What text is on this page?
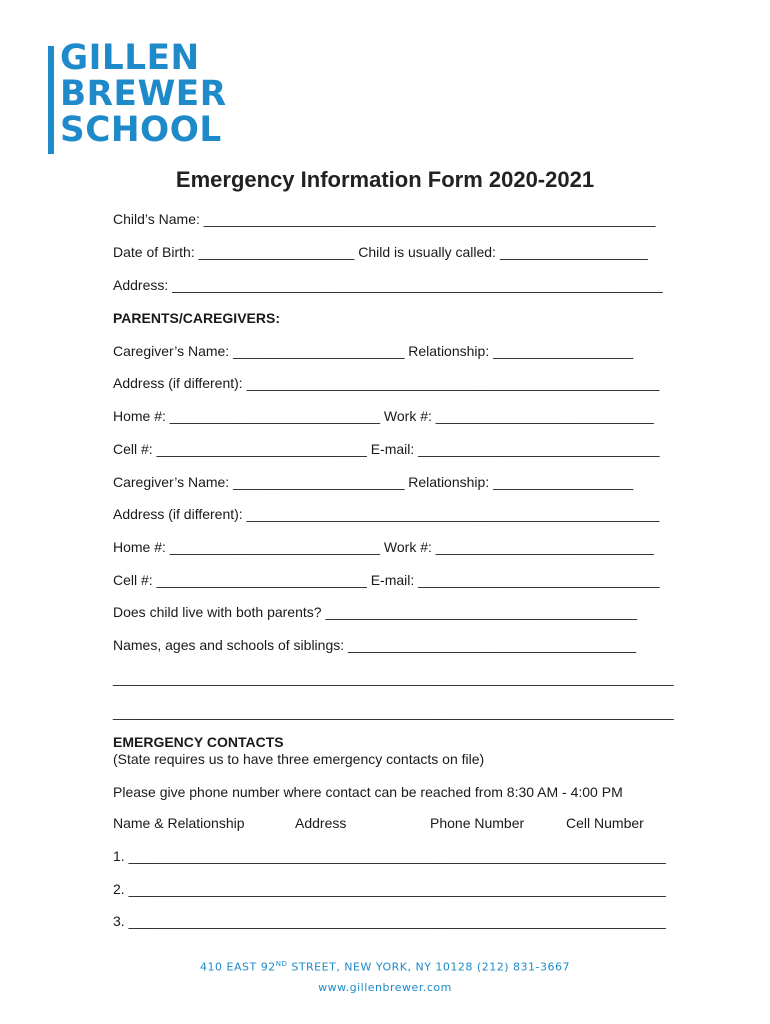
GILLEN
BREWER
SCHOOL
Emergency Information Form 2020-2021
Child’s Name: __________________________________________________________
Date of Birth: ____________________ Child is usually called: ___________________
Address: _______________________________________________________________
PARENTS/CAREGIVERS:
Caregiver’s Name: ______________________ Relationship: __________________
Address (if different): _____________________________________________________
Home #: ___________________________ Work #: ____________________________
Cell #: ___________________________ E-mail: _______________________________
Caregiver’s Name: ______________________ Relationship: __________________
Address (if different): _____________________________________________________
Home #: ___________________________ Work #: ____________________________
Cell #: ___________________________ E-mail: _______________________________
Does child live with both parents? ________________________________________
Names, ages and schools of siblings: _____________________________________
________________________________________________________________________
________________________________________________________________________
EMERGENCY CONTACTS
(State requires us to have three emergency contacts on file)
Please give phone number where contact can be reached from 8:30 AM - 4:00 PM
Name & Relationship	Address	Phone Number	Cell Number
1. _____________________________________________________________________
2. _____________________________________________________________________
3. _____________________________________________________________________
410 EAST 92ND STREET, NEW YORK, NY 10128 (212) 831-3667
www.gillenbrewer.com
